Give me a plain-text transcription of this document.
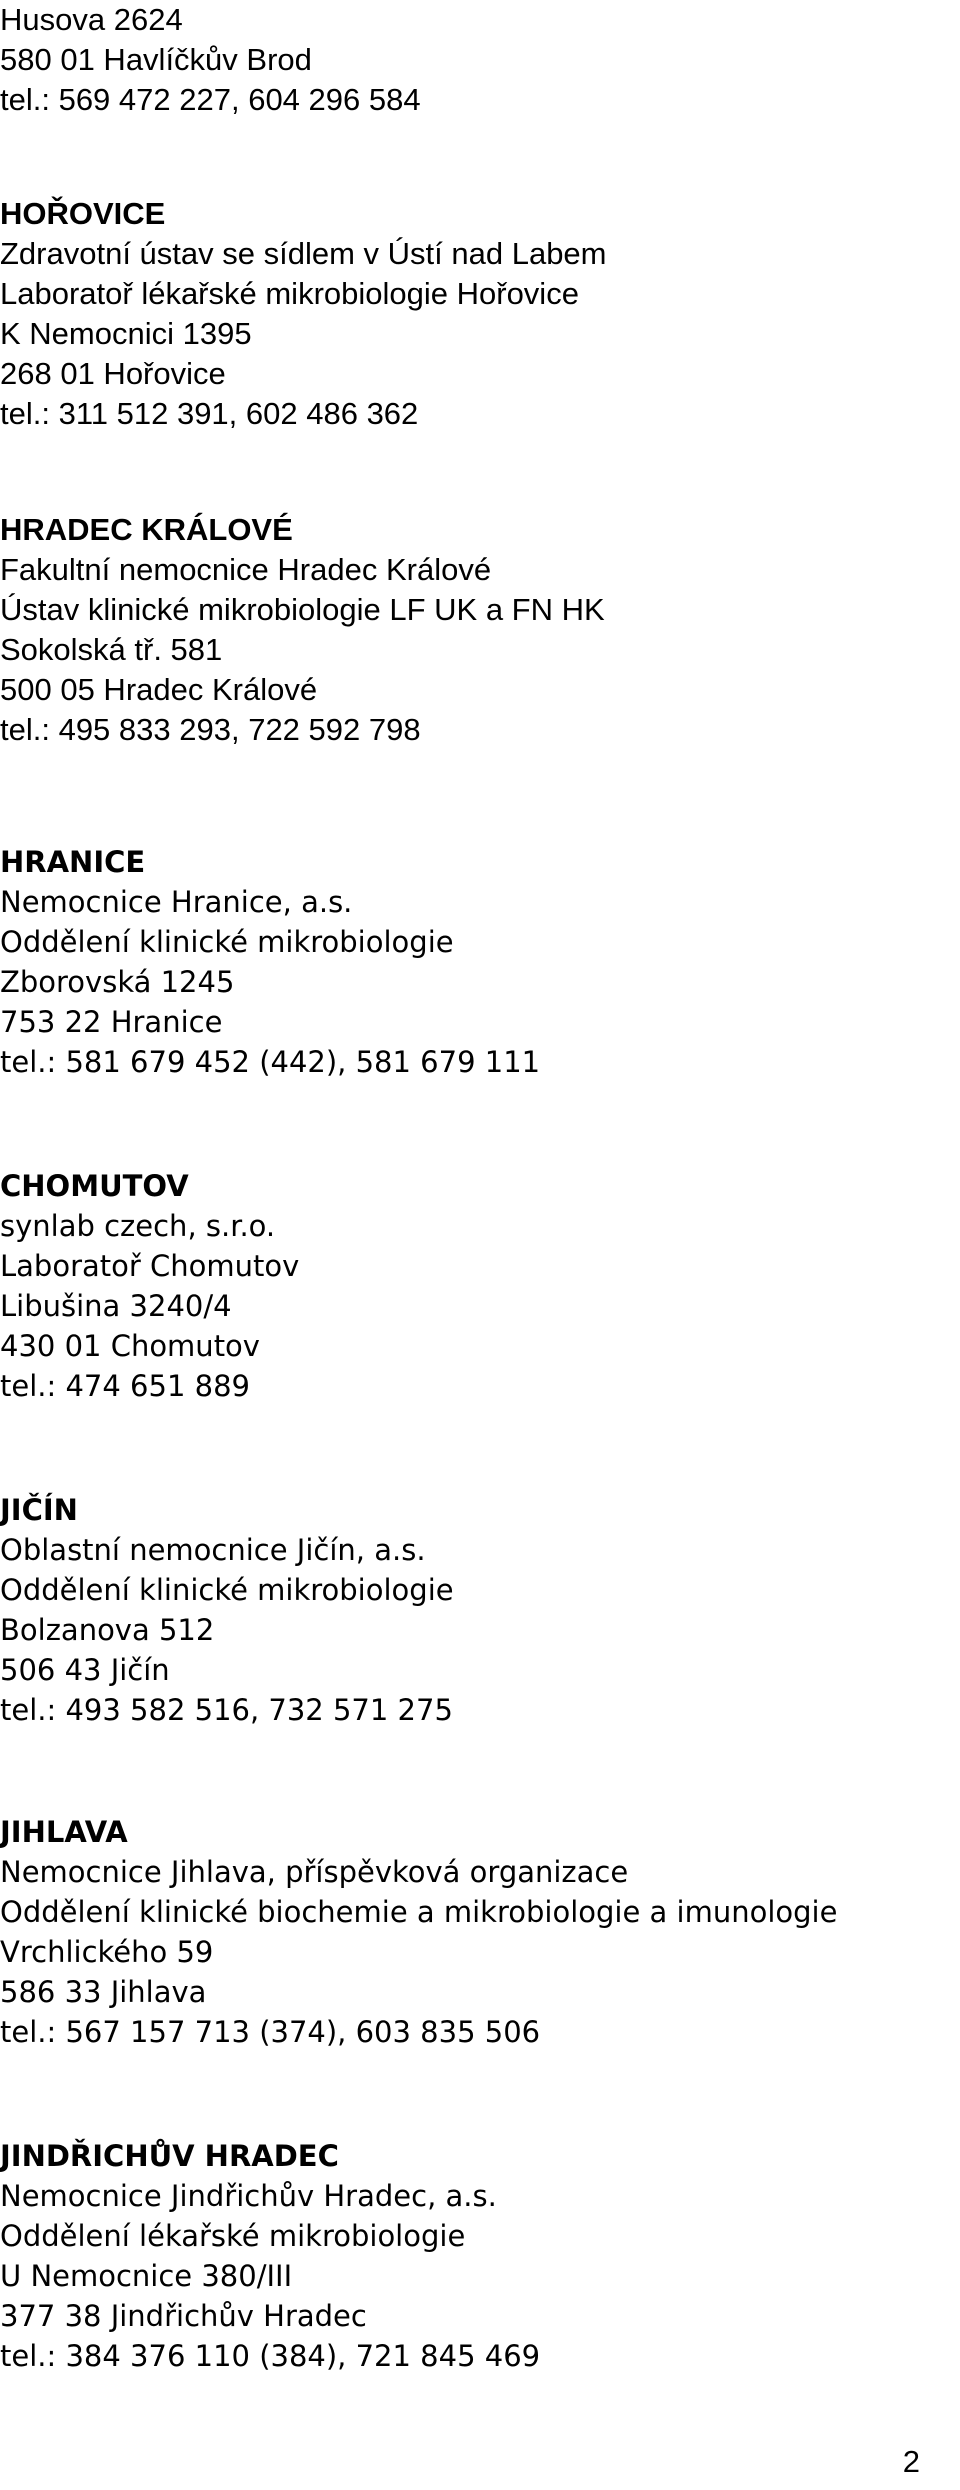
Husova 2624
580 01 Havlíčkův Brod
tel.: 569 472 227, 604 296 584
HOŘOVICE
Zdravotní ústav se sídlem v Ústí nad Labem
Laboratoř lékařské mikrobiologie Hořovice
K Nemocnici 1395
268 01 Hořovice
tel.: 311 512 391, 602 486 362
HRADEC KRÁLOVÉ
Fakultní nemocnice Hradec Králové
Ústav klinické mikrobiologie LF UK a FN HK
Sokolská tř. 581
500 05 Hradec Králové
tel.: 495 833 293, 722 592 798
HRANICE
Nemocnice Hranice, a.s.
Oddělení klinické mikrobiologie
Zborovská 1245
753 22 Hranice
tel.: 581 679 452 (442), 581 679 111
CHOMUTOV
synlab czech, s.r.o.
Laboratoř Chomutov
Libušina 3240/4
430 01 Chomutov
tel.: 474 651 889
JIČÍN
Oblastní nemocnice Jičín, a.s.
Oddělení klinické mikrobiologie
Bolzanova 512
506 43 Jičín
tel.: 493 582 516, 732 571 275
JIHLAVA
Nemocnice Jihlava, příspěvková organizace
Oddělení klinické biochemie a mikrobiologie a imunologie
Vrchlického 59
586 33 Jihlava
tel.: 567 157 713 (374), 603 835 506
JINDŘICHŮV HRADEC
Nemocnice Jindřichův Hradec, a.s.
Oddělení lékařské mikrobiologie
U Nemocnice 380/III
377 38 Jindřichův Hradec
tel.: 384 376 110 (384), 721 845 469
2
